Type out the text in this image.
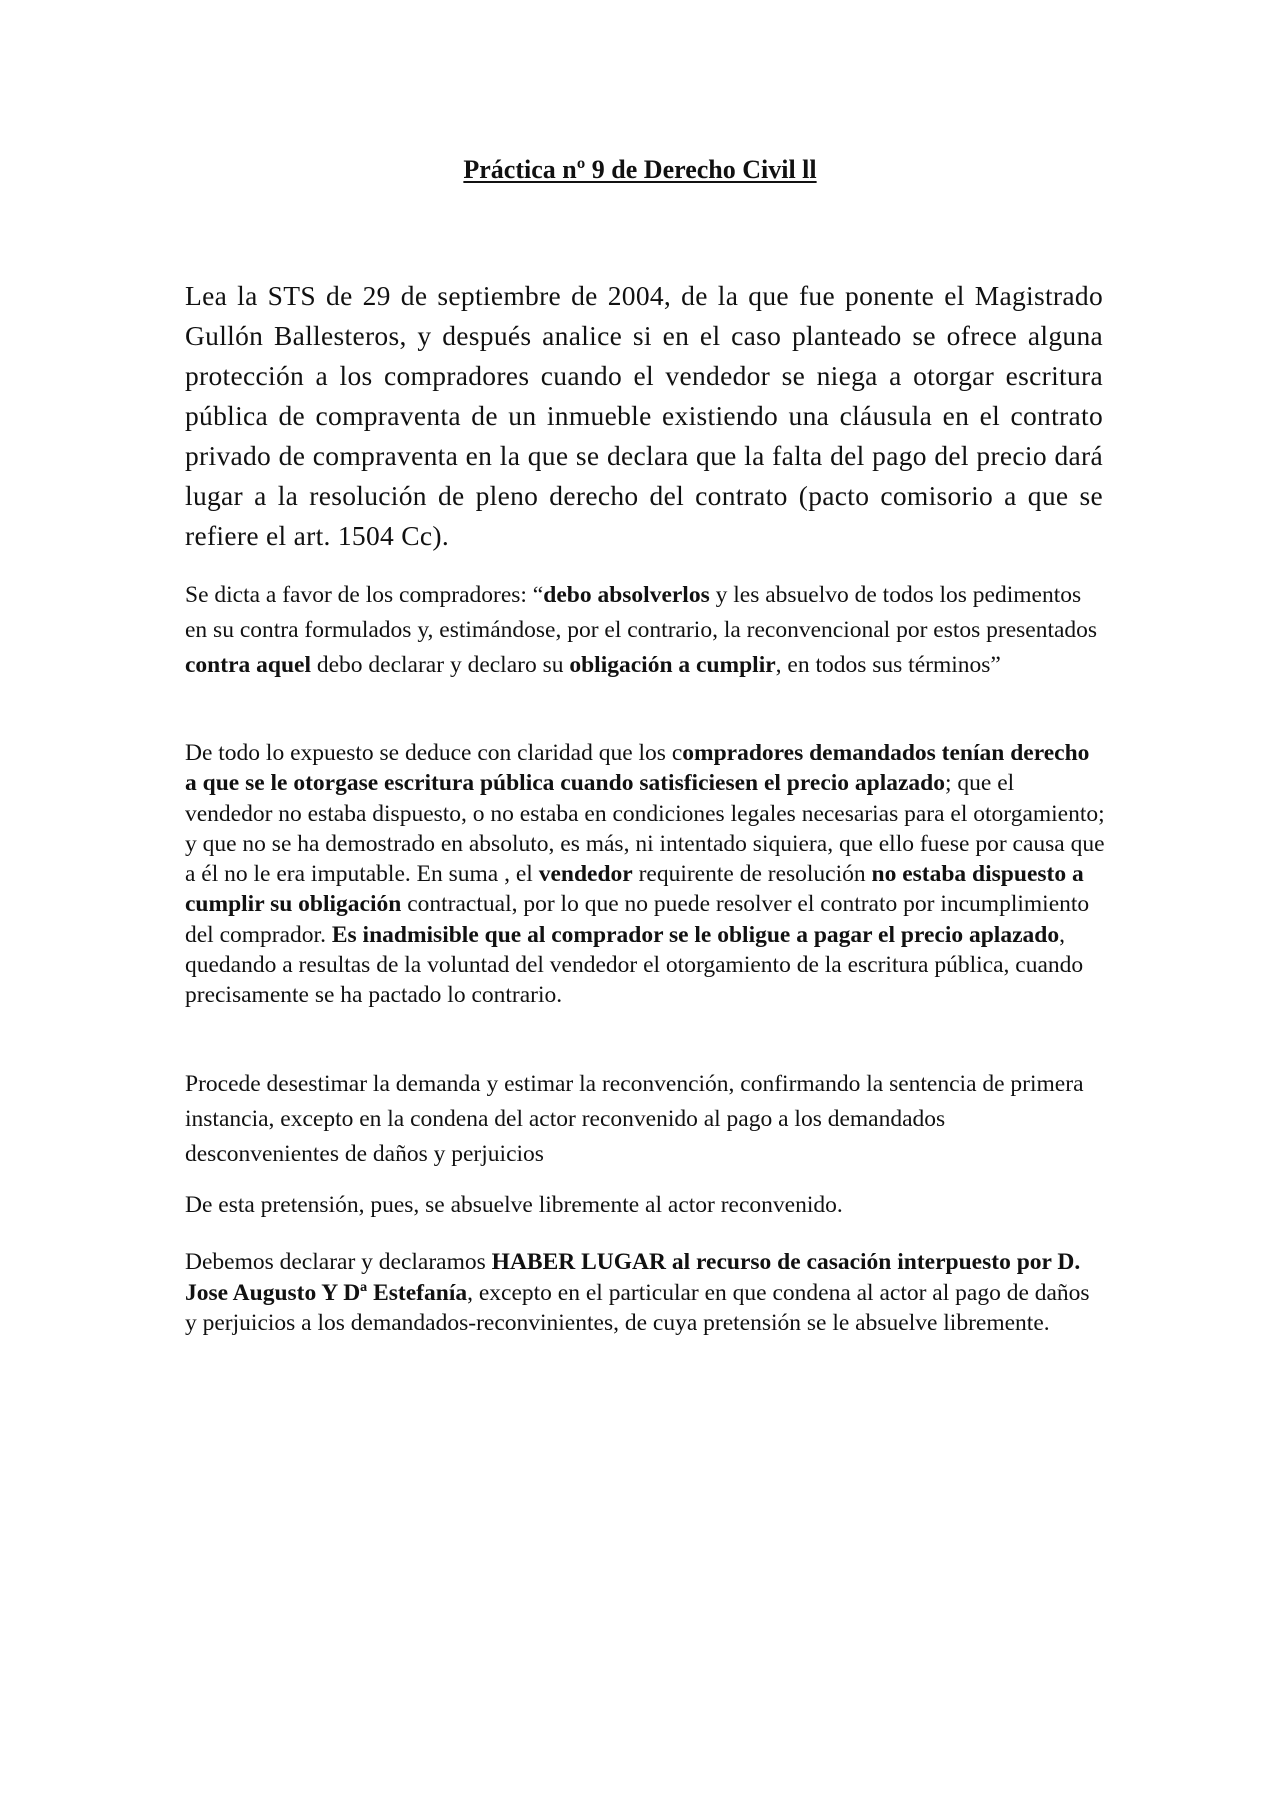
Práctica nº 9 de Derecho Civil ll

Lea la STS de 29 de septiembre de 2004, de la que fue ponente el Magistrado Gullón Ballesteros, y después analice si en el caso planteado se ofrece alguna protección a los compradores cuando el vendedor se niega a otorgar escritura pública de compraventa de un inmueble existiendo una cláusula en el contrato privado de compraventa en la que se declara que la falta del pago del precio dará lugar a la resolución de pleno derecho del contrato (pacto comisorio a que se refiere el art. 1504 Cc).

Se dicta a favor de los compradores: “debo absolverlos y les absuelvo de todos los pedimentos en su contra formulados y, estimándose, por el contrario, la reconvencional por estos presentados contra aquel debo declarar y declaro su obligación a cumplir, en todos sus términos”

De todo lo expuesto se deduce con claridad que los compradores demandados tenían derecho a que se le otorgase escritura pública cuando satisficiesen el precio aplazado; que el vendedor no estaba dispuesto, o no estaba en condiciones legales necesarias para el otorgamiento; y que no se ha demostrado en absoluto, es más, ni intentado siquiera, que ello fuese por causa que a él no le era imputable. En suma , el vendedor requirente de resolución no estaba dispuesto a cumplir su obligación contractual, por lo que no puede resolver el contrato por incumplimiento del comprador. Es inadmisible que al comprador se le obligue a pagar el precio aplazado, quedando a resultas de la voluntad del vendedor el otorgamiento de la escritura pública, cuando precisamente se ha pactado lo contrario.

Procede desestimar la demanda y estimar la reconvención, confirmando la sentencia de primera instancia, excepto en la condena del actor reconvenido al pago a los demandados desconvenientes de daños y perjuicios

De esta pretensión, pues, se absuelve libremente al actor reconvenido.

Debemos declarar y declaramos HABER LUGAR al recurso de casación interpuesto por D. Jose Augusto Y Dª Estefanía, excepto en el particular en que condena al actor al pago de daños y perjuicios a los demandados-reconvinientes, de cuya pretensión se le absuelve libremente.
